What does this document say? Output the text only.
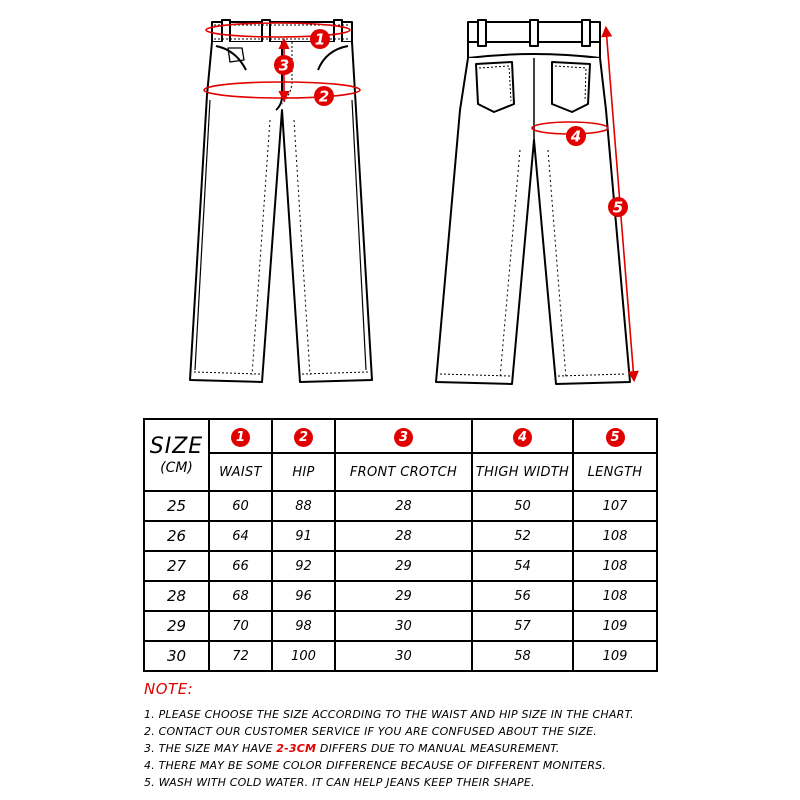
1
2
3
4
5
SIZE
(CM)	1	2	3	4	5
	WAIST	HIP	FRONT CROTCH	THIGH WIDTH	LENGTH
25	60	88	28	50	107
26	64	91	28	52	108
27	66	92	29	54	108
28	68	96	29	56	108
29	70	98	30	57	109
30	72	100	30	58	109
NOTE:
1. PLEASE CHOOSE THE SIZE ACCORDING TO THE WAIST AND HIP SIZE IN THE CHART.
2. CONTACT OUR CUSTOMER SERVICE IF YOU ARE CONFUSED ABOUT THE SIZE.
3. THE SIZE MAY HAVE 2-3CM DIFFERS DUE TO MANUAL MEASUREMENT.
4. THERE MAY BE SOME COLOR DIFFERENCE BECAUSE OF DIFFERENT MONITERS.
5. WASH WITH COLD WATER. IT CAN HELP JEANS KEEP THEIR SHAPE.
